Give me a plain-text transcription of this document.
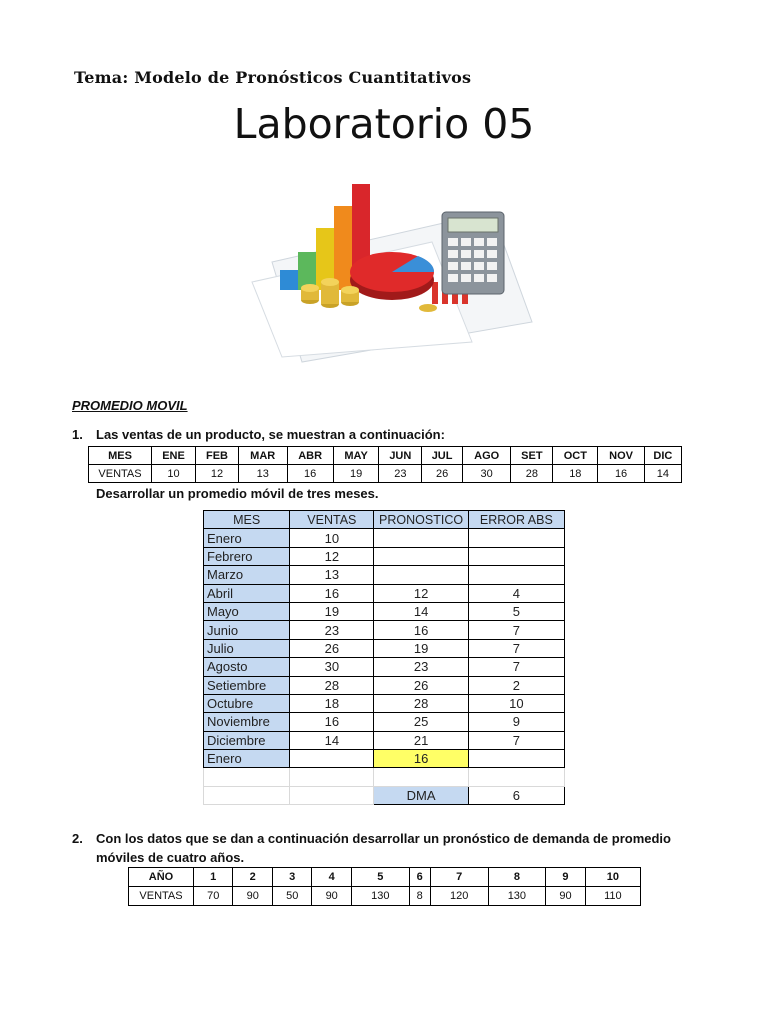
Tema: Modelo de Pronósticos Cuantitativos
Laboratorio 05
PROMEDIO MOVIL
1. Las ventas de un producto, se muestran a continuación:
MES	ENE	FEB	MAR	ABR	MAY	JUN	JUL	AGO	SET	OCT	NOV	DIC
VENTAS	10	12	13	16	19	23	26	30	28	18	16	14
Desarrollar un promedio móvil de tres meses.
MES	VENTAS	PRONOSTICO	ERROR ABS
Enero	10		
Febrero	12		
Marzo	13		
Abril	16	12	4
Mayo	19	14	5
Junio	23	16	7
Julio	26	19	7
Agosto	30	23	7
Setiembre	28	26	2
Octubre	18	28	10
Noviembre	16	25	9
Diciembre	14	21	7
Enero		16	

		DMA	6
2. Con los datos que se dan a continuación desarrollar un pronóstico de demanda de promedio móviles de cuatro años.
AÑO	1	2	3	4	5	6	7	8	9	10
VENTAS	70	90	50	90	130	8	120	130	90	110
